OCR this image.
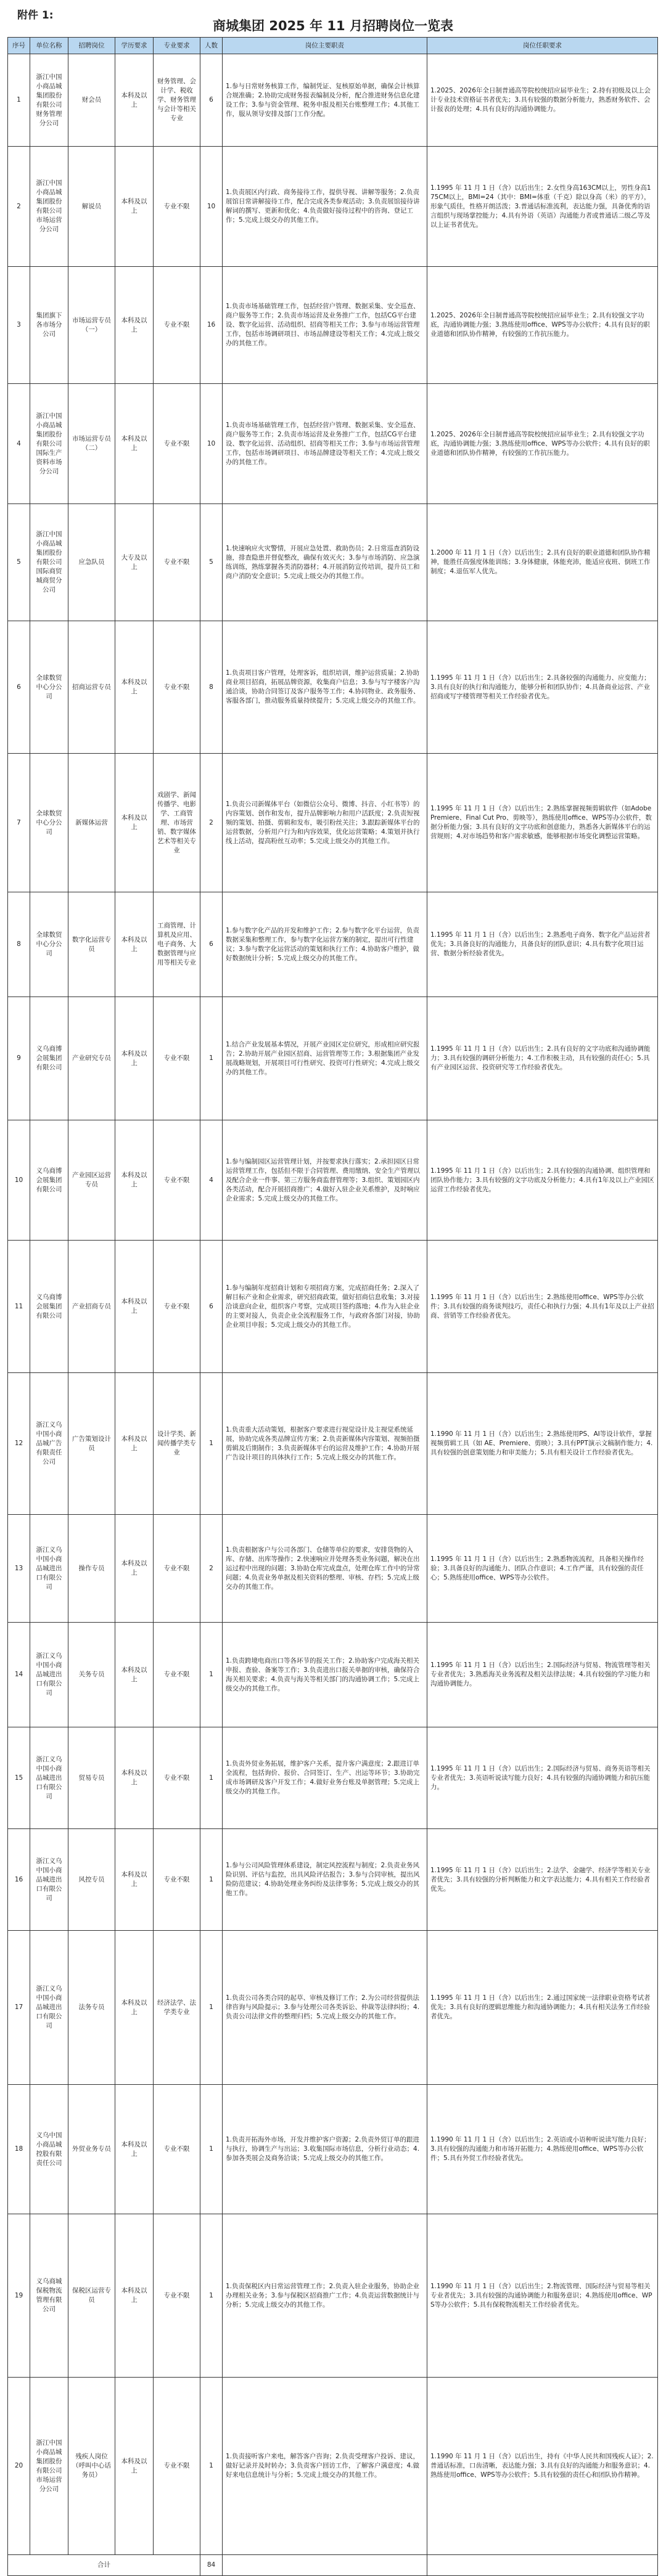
附件 1:
商城集团 2025 年 11 月招聘岗位一览表
序号	单位名称	招聘岗位	学历要求	专业要求	人数	岗位主要职责	岗位任职要求
1	浙江中国小商品城集团股份有限公司财务管理分公司	财会员	本科及以上	财务管理、会计学、税收学、财务管理与会计等相关专业	6	1.参与日常财务核算工作，编制凭证、复核原始单据，确保会计核算合规准确；2.协助完成财务报表编制及分析，配合推进财务信息化建设工作；3.参与资金管理、税务申报及相关台账整理工作；4.其他工作，服从领导安排及部门工作分配。	1.2025、2026年全日制普通高等院校统招应届毕业生；2.持有初级及以上会计专业技术资格证书者优先；3.具有较强的数据分析能力，熟悉财务软件、会计报表的处理；4.具有良好的沟通协调能力。
2	浙江中国小商品城集团股份有限公司市场运营分公司	解说员	本科及以上	专业不限	10	1.负责展区内行政、商务接待工作，提供导视、讲解等服务；2.负责展馆日常讲解接待工作，配合完成各类参观活动；3.负责展馆接待讲解词的撰写、更新和优化；4.负责做好接待过程中的咨询、登记工作；5.完成上级交办的其他工作。	1.1995 年 11 月 1 日（含）以后出生；2.女性身高163CM以上，男性身高175CM以上，BMI=24（其中：BMI=体重（千克）除以身高（米）的平方），形象气质佳，性格开朗活泼；3.普通话标准流利，表达能力强，具备优秀的语言组织与现场掌控能力；4.具有外语（英语）沟通能力者或普通话二级乙等及以上证书者优先。
3	集团旗下各市场分公司	市场运营专员（一）	本科及以上	专业不限	16	1.负责市场基础管理工作，包括经营户管理、数据采集、安全巡查、商户服务等工作；2.负责市场运营及业务推广工作，包括CG平台建设、数字化运营、活动组织、招商等相关工作；3.参与市场运营管理工作，包括市场调研项目、市场品牌建设等相关工作；4.完成上级交办的其他工作。	1.2025、2026年全日制普通高等院校统招应届毕业生；2.具有较强文字功底，沟通协调能力强；3.熟练使用office、WPS等办公软件；4.具有良好的职业道德和团队协作精神，有较强的工作抗压能力。
4	浙江中国小商品城集团股份有限公司国际生产资料市场分公司	市场运营专员（二）	本科及以上	专业不限	10	1.负责市场基础管理工作，包括经营户管理、数据采集、安全巡查、商户服务等工作；2.负责市场运营及业务推广工作，包括CG平台建设、数字化运营、活动组织、招商等相关工作；3.参与市场运营管理工作，包括市场调研项目、市场品牌建设等相关工作；4.完成上级交办的其他工作。	1.2025、2026年全日制普通高等院校统招应届毕业生；2.具有较强文字功底，沟通协调能力强；3.熟练使用office、WPS等办公软件；4.具有良好的职业道德和团队协作精神，有较强的工作抗压能力。
5	浙江中国小商品城集团股份有限公司国际商贸城商贸分公司	应急队员	大专及以上	专业不限	5	1.快速响应火灾警情，开展应急处置、救助伤员；2.日常巡查消防设施，排查隐患并督促整改，确保有效灭火；3.参与市场消防、应急演练训练，熟练掌握各类消防器材；4.开展消防宣传培训，提升员工和商户消防安全意识；5.完成上级交办的其他工作。	1.2000 年 11 月 1 日（含）以后出生；2.具有良好的职业道德和团队协作精神，能胜任高强度体能训练；3.身体健康，体能充沛，能适应夜班、倒班工作制度；4.退伍军人优先。
6	全球数贸中心分公司	招商运营专员	本科及以上	专业不限	8	1.负责项目客户管理，处理客诉，组织培训，维护运营质量；2.协助商业项目招商，拓展品牌资源，收集商户信息；3.参与写字楼客户沟通洽谈，协助合同签订及客户服务等工作；4.协同物业、政务服务、客服各部门，推动服务质量持续提升；5.完成上级交办的其他工作。	1.1995 年 11 月 1 日（含）以后出生；2.具备较强的沟通能力、应变能力；3.具有良好的执行和沟通能力，能够分析和团队协作；4.具备商业运营、产业招商或写字楼管理等相关工作经验者优先。
7	全球数贸中心分公司	新媒体运营	本科及以上	戏剧学、新闻传播学、电影学、工商管理、市场营销、数字媒体艺术等相关专业	2	1.负责公司新媒体平台（如微信公众号、微博、抖音、小红书等）的内容策划、创作和发布，提升品牌影响力和用户活跃度；2.负责短视频的策划、拍摄、剪辑和发布，吸引粉丝关注；3.跟踪新媒体平台的运营数据，分析用户行为和内容效果，优化运营策略；4.策划并执行线上活动，提高粉丝互动率；5.完成上级交办的其他工作。	1.1995 年 11 月 1 日（含）以后出生；2.熟练掌握视频剪辑软件（如Adobe Premiere、Final Cut Pro、剪映等），熟练使用office、WPS等办公软件，数据分析能力强；3.具有良好的文字功底和创意能力，熟悉各大新媒体平台的运营规则；4.对市场趋势和客户需求敏感，能够根据市场变化调整运营策略。
8	全球数贸中心分公司	数字化运营专员	本科及以上	工商管理、计算机及应用、电子商务、大数据管理与应用等相关专业	6	1.参与数字化产品的开发和维护工作；2.参与数字化平台运营，负责数据采集和整理工作，参与数字化运营方案的制定，提出可行性建议；3.参与数字化运营活动的策划和执行工作；4.协助客户维护，做好数据统计分析；5.完成上级交办的其他工作。	1.1995 年 11 月 1 日（含）以后出生；2.熟悉电子商务、数字化产品运营者优先；3.具备良好的沟通能力，具备良好的团队意识；4.具有数字化项目运营、数据分析经验者优先。
9	义乌商博会展集团有限公司	产业研究专员	本科及以上	专业不限	1	1.结合产业发展基本情况，开展产业园区定位研究，形成相应研究报告；2.协助开展产业园区招商、运营管理等工作；3.根据集团产业发展战略规划，开展项目可行性研究、投资可行性研究；4.完成上级交办的其他工作。	1.1995 年 11 月 1 日（含）以后出生；2.具有良好的文字功底和沟通协调能力；3.具有较强的调研分析能力；4.工作积极主动，具有较强的责任心；5.具有产业园区运营、投资研究等工作经验者优先。
10	义乌商博会展集团有限公司	产业园区运营专员	本科及以上	专业不限	4	1.参与编制园区运营管理计划，并按要求执行落实；2.承担园区日常运营管理工作，包括但不限于合同管理、费用缴纳、安全生产管理以及配合企业一件事、第三方服务商监督管理等；3.组织、策划园区内各类活动，配合开展招商推广；4.做好入驻企业关系维护，及时响应企业需求；5.完成上级交办的其他工作。	1.1995 年 11 月 1 日（含）以后出生；2.具有较强的沟通协调、组织管理和团队协作能力；3.具有较强的文字功底及分析能力；4.具有1年及以上产业园区运营工作经验者优先。
11	义乌商博会展集团有限公司	产业招商专员	本科及以上	专业不限	6	1.参与编制年度招商计划和专项招商方案，完成招商任务；2.深入了解目标产业和企业需求，研究招商政策，做好招商信息收集；3.对接洽谈意向企业，组织客户考察，完成项目签约落地；4.作为入驻企业的主要对接人，负责企业全流程服务工作，与政府各部门对接，协助企业项目申报；5.完成上级交办的其他工作。	1.1995 年 11 月 1 日（含）以后出生；2.熟练使用office、WPS等办公软件；3.具有较强的商务谈判技巧，责任心和执行力强；4.具有1年及以上产业招商、营销等工作经验者优先。
12	浙江义乌中国小商品城广告有限责任公司	广告策划设计员	本科及以上	设计学类、新闻传播学类专业	1	1.负责重大活动策划，根据客户要求进行视觉设计及主视觉系统延展，协助完成各类品牌宣传方案；2.负责新媒体内容策划、视频拍摄剪辑及后期制作；3.负责新媒体平台的运营及维护工作；4.协助开展广告设计项目的具体执行工作；5.完成上级交办的其他工作。	1.1990 年 11 月 1 日（含）以后出生；2.熟练使用PS、AI等设计软件，掌握视频剪辑工具（如 AE、Premiere、剪映）；3.具有PPT演示文稿制作能力；4.具有较强的创意策划能力和审美能力；5.具有相关设计工作经验者优先。
13	浙江义乌中国小商品城进出口有限公司	操作专员	本科及以上	专业不限	2	1.负责根据客户与公司各部门、仓储等单位的要求，安排货物的入库、存储、出库等操作；2.快速响应并处理各类业务问题，解决在出运过程中出现的问题；3.协助仓库完成盘点，处理仓库工作中的异常问题；4.负责业务单据及相关资料的整理、审核、存档；5.完成上级交办的其他工作。	1.1995 年 11 月 1 日（含）以后出生；2.熟悉物流流程，具备相关操作经验；3.具备良好的沟通能力、团队合作意识；4.工作严谨，具有较强的责任心；5.熟练使用office、WPS等办公软件。
14	浙江义乌中国小商品城进出口有限公司	关务专员	本科及以上	专业不限	1	1.负责跨境电商出口等各环节的报关工作；2.协助客户完成海关相关申报、查验、备案等工作；3.负责进出口报关单据的审核，确保符合海关相关要求；4.负责与海关等相关部门的沟通协调工作；5.完成上级交办的其他工作。	1.1995 年 11 月 1 日（含）以后出生；2.国际经济与贸易、物流管理等相关专业者优先；3.熟悉海关业务流程及相关法律法规；4.具有较强的学习能力和沟通协调能力。
15	浙江义乌中国小商品城进出口有限公司	贸易专员	本科及以上	专业不限	1	1.负责外贸业务拓展，维护客户关系，提升客户满意度；2.跟进订单全流程，包括询价、报价、合同签订、生产、出运等环节；3.协助完成市场调研及客户开发工作；4.做好业务台账及单据管理；5.完成上级交办的其他工作。	1.1995 年 11 月 1 日（含）以后出生；2.国际经济与贸易、商务英语等相关专业者优先；3.英语听说读写能力良好；4.具有较强的沟通协调能力和抗压能力。
16	浙江义乌中国小商品城进出口有限公司	风控专员	本科及以上	专业不限	1	1.参与公司风险管理体系建设，制定风控流程与制度；2.负责业务风险识别、评估与监控，出具风险评估报告；3.参与合同审核，提出风险防范建议；4.协助处理业务纠纷及法律事务；5.完成上级交办的其他工作。	1.1995 年 11 月 1 日（含）以后出生；2.法学、金融学、经济学等相关专业者优先；3.具有较强的分析判断能力和文字表达能力；4.具有相关工作经验者优先。
17	浙江义乌中国小商品城进出口有限公司	法务专员	本科及以上	经济法学、法学类专业	1	1.负责公司各类合同的起草、审核及修订工作；2.为公司经营提供法律咨询与风险提示；3.参与处理公司各类诉讼、仲裁等法律纠纷；4.负责公司法律文件的整理归档；5.完成上级交办的其他工作。	1.1995 年 11 月 1 日（含）以后出生；2.通过国家统一法律职业资格考试者优先；3.具有良好的逻辑思维能力和沟通协调能力；4.具有相关法务工作经验者优先。
18	义乌中国小商品城控股有限责任公司	外贸业务专员	本科及以上	专业不限	1	1.负责开拓海外市场，开发并维护客户资源；2.负责外贸订单的跟进与执行，协调生产与出运；3.收集国际市场信息，分析行业动态；4.参加各类展会及商务洽谈；5.完成上级交办的其他工作。	1.1990 年 11 月 1 日（含）以后出生；2.英语或小语种听说读写能力良好；3.具有较强的沟通能力和市场开拓能力；4.熟练使用office、WPS等办公软件；5.具有外贸工作经验者优先。
19	义乌商城保税物流管理有限公司	保税区运营专员	本科及以上	专业不限	1	1.负责保税区内日常运营管理工作；2.负责入驻企业服务，协助企业办理相关业务；3.参与保税区招商推广工作；4.负责运营数据统计与分析；5.完成上级交办的其他工作。	1.1990 年 11 月 1 日（含）以后出生；2.物流管理、国际经济与贸易等相关专业者优先；3.具有较强的沟通协调能力和服务意识；4.熟练使用office、WPS等办公软件；5.具有保税物流相关工作经验者优先。
20	浙江中国小商品城集团股份有限公司市场运营分公司	残疾人岗位（呼叫中心话务员）	本科及以上	专业不限	1	1.负责接听客户来电，解答客户咨询；2.负责受理客户投诉、建议，做好记录并及时转办；3.负责客户回访工作，了解客户满意度；4.做好来电信息统计与分析；5.完成上级交办的其他工作。	1.1990 年 11 月 1 日（含）以后出生，持有《中华人民共和国残疾人证》；2.普通话标准，口齿清晰，表达能力强；3.具有良好的沟通能力和服务意识；4.熟练使用office、WPS等办公软件；5.具有较强的责任心和团队协作精神。
合计					84		
